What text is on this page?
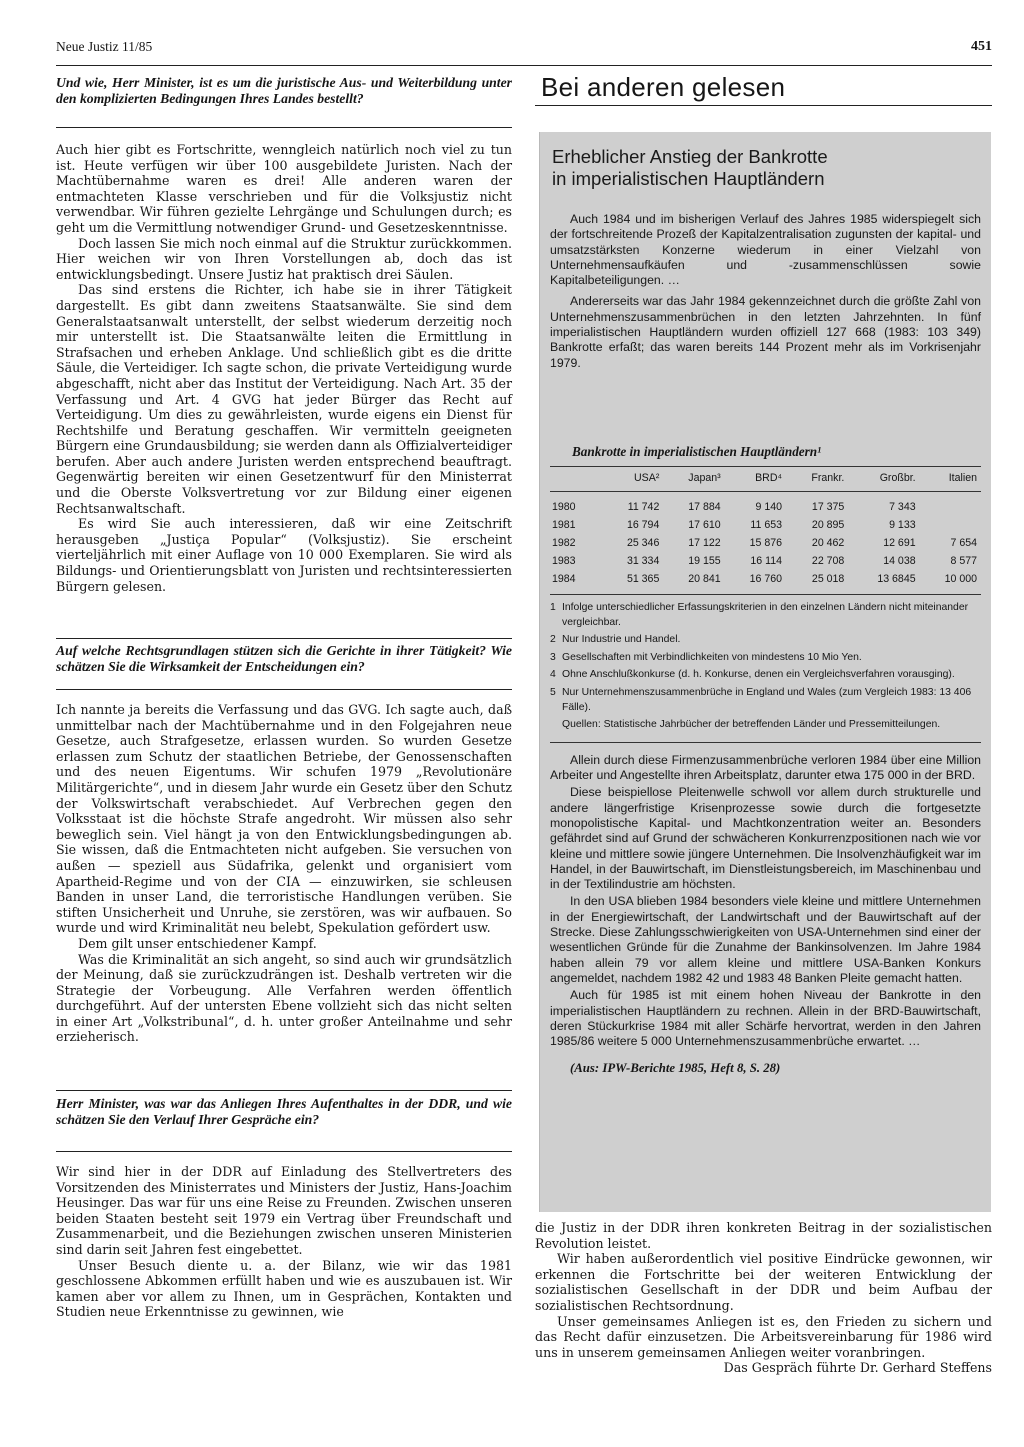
Neue Justiz 11/85	451
Und wie, Herr Minister, ist es um die juristische Aus- und Weiterbildung unter den komplizierten Bedingungen Ihres Landes bestellt?

Auch hier gibt es Fortschritte, wenngleich natürlich noch viel zu tun ist. Heute verfügen wir über 100 ausgebildete Juristen. Nach der Machtübernahme waren es drei! Alle anderen waren der entmachteten Klasse verschrieben und für die Volksjustiz nicht verwendbar. Wir führen gezielte Lehrgänge und Schulungen durch; es geht um die Vermittlung notwendiger Grund- und Gesetzeskenntnisse.

Doch lassen Sie mich noch einmal auf die Struktur zurückkommen. Hier weichen wir von Ihren Vorstellungen ab, doch das ist entwicklungsbedingt. Unsere Justiz hat praktisch drei Säulen.

Das sind erstens die Richter, ich habe sie in ihrer Tätigkeit dargestellt. Es gibt dann zweitens Staatsanwälte. Sie sind dem Generalstaatsanwalt unterstellt, der selbst wiederum derzeitig noch mir unterstellt ist. Die Staatsanwälte leiten die Ermittlung in Strafsachen und erheben Anklage. Und schließlich gibt es die dritte Säule, die Verteidiger. Ich sagte schon, die private Verteidigung wurde abgeschafft, nicht aber das Institut der Verteidigung. Nach Art. 35 der Verfassung und Art. 4 GVG hat jeder Bürger das Recht auf Verteidigung. Um dies zu gewährleisten, wurde eigens ein Dienst für Rechtshilfe und Beratung geschaffen. Wir vermitteln geeigneten Bürgern eine Grundausbildung; sie werden dann als Offizialverteidiger berufen. Aber auch andere Juristen werden entsprechend beauftragt. Gegenwärtig bereiten wir einen Gesetzentwurf für den Ministerrat und die Oberste Volksvertretung vor zur Bildung einer eigenen Rechtsanwaltschaft.

Es wird Sie auch interessieren, daß wir eine Zeitschrift herausgeben „Justiça Popular“ (Volksjustiz). Sie erscheint vierteljährlich mit einer Auflage von 10 000 Exemplaren. Sie wird als Bildungs- und Orientierungsblatt von Juristen und rechtsinteressierten Bürgern gelesen.

Auf welche Rechtsgrundlagen stützen sich die Gerichte in ihrer Tätigkeit? Wie schätzen Sie die Wirksamkeit der Entscheidungen ein?

Ich nannte ja bereits die Verfassung und das GVG. Ich sagte auch, daß unmittelbar nach der Machtübernahme und in den Folgejahren neue Gesetze, auch Strafgesetze, erlassen wurden. So wurden Gesetze erlassen zum Schutz der staatlichen Betriebe, der Genossenschaften und des neuen Eigentums. Wir schufen 1979 „Revolutionäre Militärgerichte“, und in diesem Jahr wurde ein Gesetz über den Schutz der Volkswirtschaft verabschiedet. Auf Verbrechen gegen den Volksstaat ist die höchste Strafe angedroht. Wir müssen also sehr beweglich sein. Viel hängt ja von den Entwicklungsbedingungen ab. Sie wissen, daß die Entmachteten nicht aufgeben. Sie versuchen von außen — speziell aus Südafrika, gelenkt und organisiert vom Apartheid-Regime und von der CIA — einzuwirken, sie schleusen Banden in unser Land, die terroristische Handlungen verüben. Sie stiften Unsicherheit und Unruhe, sie zerstören, was wir aufbauen. So wurde und wird Kriminalität neu belebt, Spekulation gefördert usw.

Dem gilt unser entschiedener Kampf.

Was die Kriminalität an sich angeht, so sind auch wir grundsätzlich der Meinung, daß sie zurückzudrängen ist. Deshalb vertreten wir die Strategie der Vorbeugung. Alle Verfahren werden öffentlich durchgeführt. Auf der untersten Ebene vollzieht sich das nicht selten in einer Art „Volkstribunal“, d. h. unter großer Anteilnahme und sehr erzieherisch.

Herr Minister, was war das Anliegen Ihres Aufenthaltes in der DDR, und wie schätzen Sie den Verlauf Ihrer Gespräche ein?

Wir sind hier in der DDR auf Einladung des Stellvertreters des Vorsitzenden des Ministerrates und Ministers der Justiz, Hans-Joachim Heusinger. Das war für uns eine Reise zu Freunden. Zwischen unseren beiden Staaten besteht seit 1979 ein Vertrag über Freundschaft und Zusammenarbeit, und die Beziehungen zwischen unseren Ministerien sind darin seit Jahren fest eingebettet.

Unser Besuch diente u. a. der Bilanz, wie wir das 1981 geschlossene Abkommen erfüllt haben und wie es auszubauen ist. Wir kamen aber vor allem zu Ihnen, um in Gesprächen, Kontakten und Studien neue Erkenntnisse zu gewinnen, wie

Bei anderen gelesen
Erheblicher Anstieg der Bankrotte
in imperialistischen Hauptländern

Auch 1984 und im bisherigen Verlauf des Jahres 1985 widerspiegelt sich der fortschreitende Prozeß der Kapitalzentralisation zugunsten der kapital- und umsatzstärksten Konzerne wiederum in einer Vielzahl von Unternehmensaufkäufen und -zusammenschlüssen sowie Kapitalbeteiligungen. …

Andererseits war das Jahr 1984 gekennzeichnet durch die größte Zahl von Unternehmenszusammenbrüchen in den letzten Jahrzehnten. In fünf imperialistischen Hauptländern wurden offiziell 127 668 (1983: 103 349) Bankrotte erfaßt; das waren bereits 144 Prozent mehr als im Vorkrisenjahr 1979.

Bankrotte in imperialistischen Hauptländern¹
	USA²	Japan³	BRD⁴	Frankr.	Großbr.	Italien
1980	11 742	17 884	9 140	17 375	7 343	
1981	16 794	17 610	11 653	20 895	9 133	
1982	25 346	17 122	15 876	20 462	12 691	7 654
1983	31 334	19 155	16 114	22 708	14 038	8 577
1984	51 365	20 841	16 760	25 018	13 6845	10 000
1 Infolge unterschiedlicher Erfassungskriterien in den einzelnen Ländern nicht miteinander vergleichbar.
2 Nur Industrie und Handel.
3 Gesellschaften mit Verbindlichkeiten von mindestens 10 Mio Yen.
4 Ohne Anschlußkonkurse (d. h. Konkurse, denen ein Vergleichsverfahren vorausging).
5 Nur Unternehmenszusammenbrüche in England und Wales (zum Vergleich 1983: 13 406 Fälle).
Quellen: Statistische Jahrbücher der betreffenden Länder und Pressemitteilungen.

Allein durch diese Firmenzusammenbrüche verloren 1984 über eine Million Arbeiter und Angestellte ihren Arbeitsplatz, darunter etwa 175 000 in der BRD.

Diese beispiellose Pleitenwelle schwoll vor allem durch strukturelle und andere längerfristige Krisenprozesse sowie durch die fortgesetzte monopolistische Kapital- und Machtkonzentration weiter an. Besonders gefährdet sind auf Grund der schwächeren Konkurrenzpositionen nach wie vor kleine und mittlere sowie jüngere Unternehmen. Die Insolvenzhäufigkeit war im Handel, in der Bauwirtschaft, im Dienstleistungsbereich, im Maschinenbau und in der Textilindustrie am höchsten.

In den USA blieben 1984 besonders viele kleine und mittlere Unternehmen in der Energiewirtschaft, der Landwirtschaft und der Bauwirtschaft auf der Strecke. Diese Zahlungsschwierigkeiten von USA-Unternehmen sind einer der wesentlichen Gründe für die Zunahme der Bankinsolvenzen. Im Jahre 1984 haben allein 79 vor allem kleine und mittlere USA-Banken Konkurs angemeldet, nachdem 1982 42 und 1983 48 Banken Pleite gemacht hatten.

Auch für 1985 ist mit einem hohen Niveau der Bankrotte in den imperialistischen Hauptländern zu rechnen. Allein in der BRD-Bauwirtschaft, deren Stückurkrise 1984 mit aller Schärfe hervortrat, werden in den Jahren 1985/86 weitere 5 000 Unternehmenszusammenbrüche erwartet. …

(Aus: IPW-Berichte 1985, Heft 8, S. 28)

die Justiz in der DDR ihren konkreten Beitrag in der sozialistischen Revolution leistet.

Wir haben außerordentlich viel positive Eindrücke gewonnen, wir erkennen die Fortschritte bei der weiteren Entwicklung der sozialistischen Gesellschaft in der DDR und beim Aufbau der sozialistischen Rechtsordnung.

Unser gemeinsames Anliegen ist es, den Frieden zu sichern und das Recht dafür einzusetzen. Die Arbeitsvereinbarung für 1986 wird uns in unserem gemeinsamen Anliegen weiter voranbringen.

Das Gespräch führte Dr. Gerhard Steffens
